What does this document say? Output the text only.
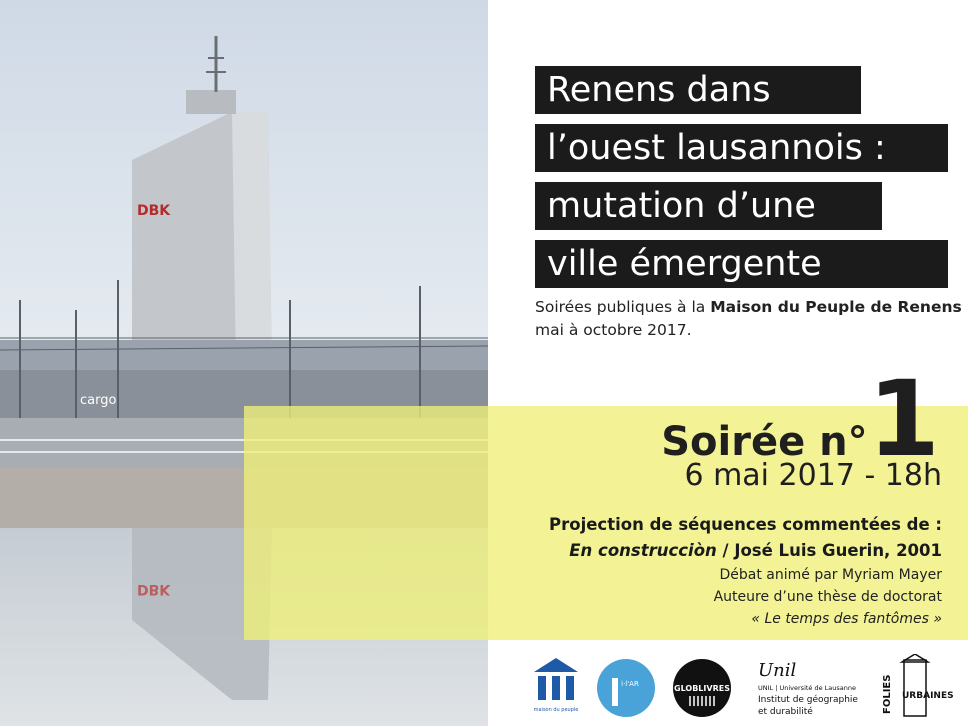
DBK
cargo
DBK
Renens dans
l’ouest lausannois :
mutation d’une
ville émergente
Soirées publiques à la Maison du Peuple de Renens
mai à octobre 2017.
Soirée n°1
6 mai 2017 - 18h
Projection de séquences commentées de :
En construcciòn / José Luis Guerin, 2001
Débat animé par Myriam Mayer
Auteure d’une thèse de doctorat
« Le temps des fantômes »
maison du peuple
i·l'AR	GLOBLIVRES
Unil
UNIL | Université de Lausanne
Institut de géographie
et durabilité	FOLIES URBAINES
